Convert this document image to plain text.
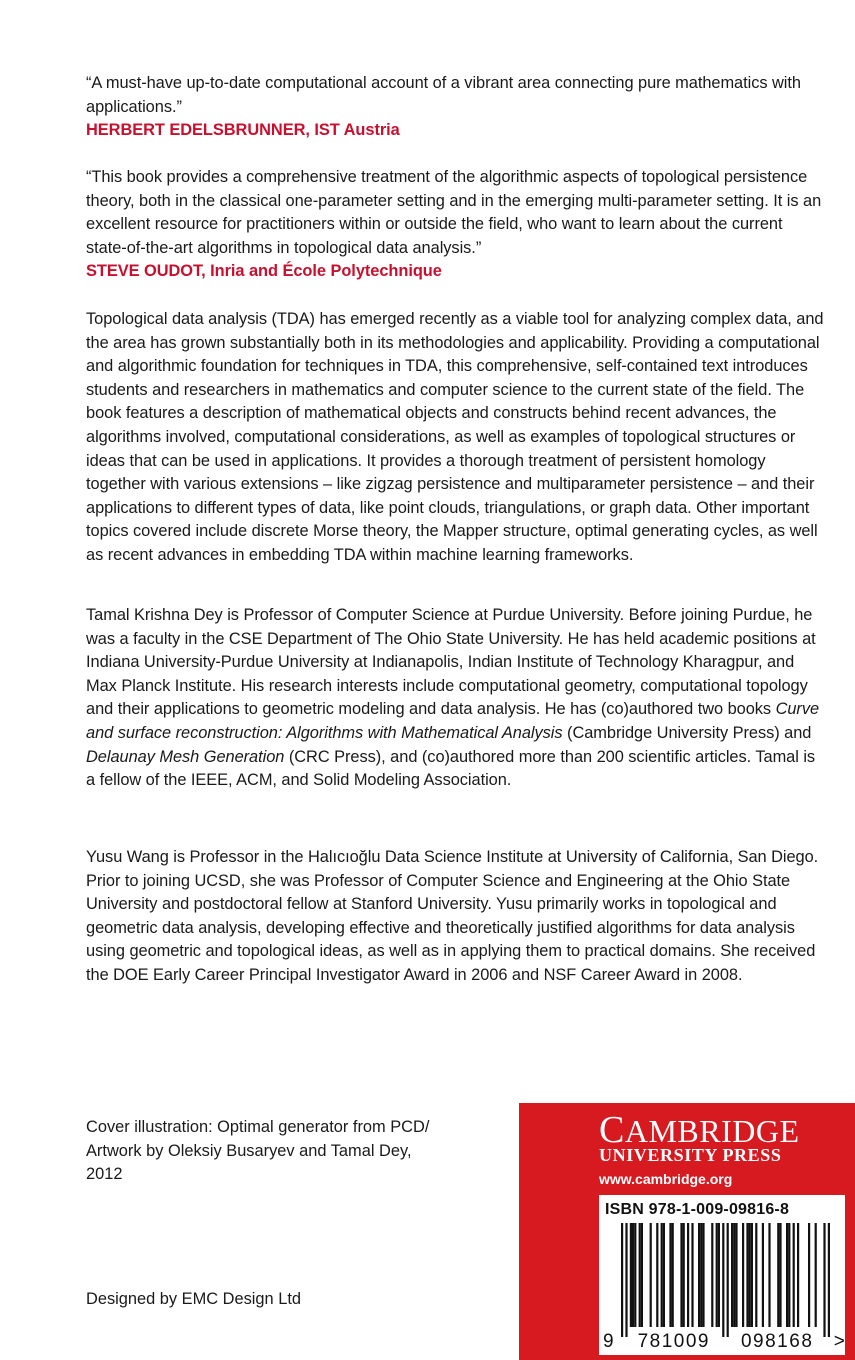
“A must-have up-to-date computational account of a vibrant area connecting pure mathematics with applications.”

HERBERT EDELSBRUNNER, IST Austria

“This book provides a comprehensive treatment of the algorithmic aspects of topological persistence theory, both in the classical one-parameter setting and in the emerging multi-parameter setting. It is an excellent resource for practitioners within or outside the field, who want to learn about the current state-of-the-art algorithms in topological data analysis.”

STEVE OUDOT, Inria and École Polytechnique

Topological data analysis (TDA) has emerged recently as a viable tool for analyzing complex data, and the area has grown substantially both in its methodologies and applicability. Providing a computational and algorithmic foundation for techniques in TDA, this comprehensive, self-contained text introduces students and researchers in mathematics and computer science to the current state of the field. The book features a description of mathematical objects and constructs behind recent advances, the algorithms involved, computational considerations, as well as examples of topological structures or ideas that can be used in applications. It provides a thorough treatment of persistent homology together with various extensions – like zigzag persistence and multiparameter persistence – and their applications to different types of data, like point clouds, triangulations, or graph data. Other important topics covered include discrete Morse theory, the Mapper structure, optimal generating cycles, as well as recent advances in embedding TDA within machine learning frameworks.

Tamal Krishna Dey is Professor of Computer Science at Purdue University. Before joining Purdue, he was a faculty in the CSE Department of The Ohio State University. He has held academic positions at Indiana University-Purdue University at Indianapolis, Indian Institute of Technology Kharagpur, and Max Planck Institute. His research interests include computational geometry, computational topology and their applications to geometric modeling and data analysis. He has (co)authored two books Curve and surface reconstruction: Algorithms with Mathematical Analysis (Cambridge University Press) and Delaunay Mesh Generation (CRC Press), and (co)authored more than 200 scientific articles. Tamal is a fellow of the IEEE, ACM, and Solid Modeling Association.

Yusu Wang is Professor in the Halıcıoğlu Data Science Institute at University of California, San Diego. Prior to joining UCSD, she was Professor of Computer Science and Engineering at the Ohio State University and postdoctoral fellow at Stanford University. Yusu primarily works in topological and geometric data analysis, developing effective and theoretically justified algorithms for data analysis using geometric and topological ideas, as well as in applying them to practical domains. She received the DOE Early Career Principal Investigator Award in 2006 and NSF Career Award in 2008.

Cover illustration: Optimal generator from PCD/ Artwork by Oleksiy Busaryev and Tamal Dey, 2012
Designed by EMC Design Ltd
CAMBRIDGE
UNIVERSITY PRESS
www.cambridge.org
ISBN 978-1-009-09816-8
9 781009 098168 >
